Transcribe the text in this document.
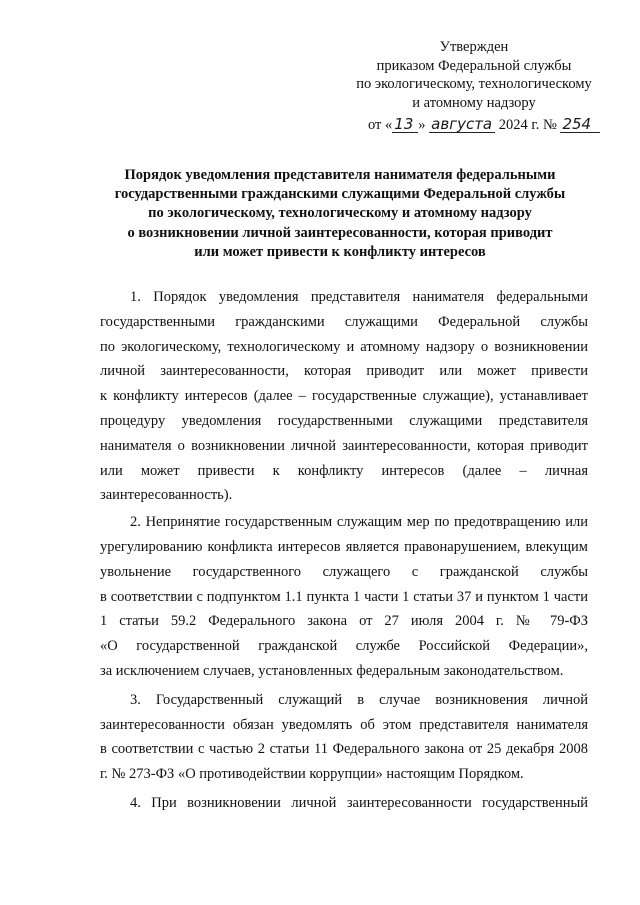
Утвержден
приказом Федеральной службы
по экологическому, технологическому
и атомному надзору
от « 13 » августа 2024 г. № 254
Порядок уведомления представителя нанимателя федеральными
государственными гражданскими служащими Федеральной службы
по экологическому, технологическому и атомному надзору
о возникновении личной заинтересованности, которая приводит
или может привести к конфликту интересов
1. Порядок уведомления представителя нанимателя федеральными
государственными гражданскими служащими Федеральной службы
по экологическому, технологическому и атомному надзору о возникновении
личной заинтересованности, которая приводит или может привести
к конфликту интересов (далее – государственные служащие), устанавливает
процедуру уведомления государственными служащими представителя
нанимателя о возникновении личной заинтересованности, которая приводит
или может привести к конфликту интересов (далее – личная
заинтересованность).
2. Непринятие государственным служащим мер по предотвращению или
урегулированию конфликта интересов является правонарушением, влекущим
увольнение государственного служащего с гражданской службы
в соответствии с подпунктом 1.1 пункта 1 части 1 статьи 37 и пунктом 1 части
1 статьи 59.2 Федерального закона от 27 июля 2004 г. № 79-ФЗ
«О государственной гражданской службе Российской Федерации»,
за исключением случаев, установленных федеральным законодательством.
3. Государственный служащий в случае возникновения личной
заинтересованности обязан уведомлять об этом представителя нанимателя
в соответствии с частью 2 статьи 11 Федерального закона от 25 декабря 2008
г. № 273-ФЗ «О противодействии коррупции» настоящим Порядком.
4. При возникновении личной заинтересованности государственный
